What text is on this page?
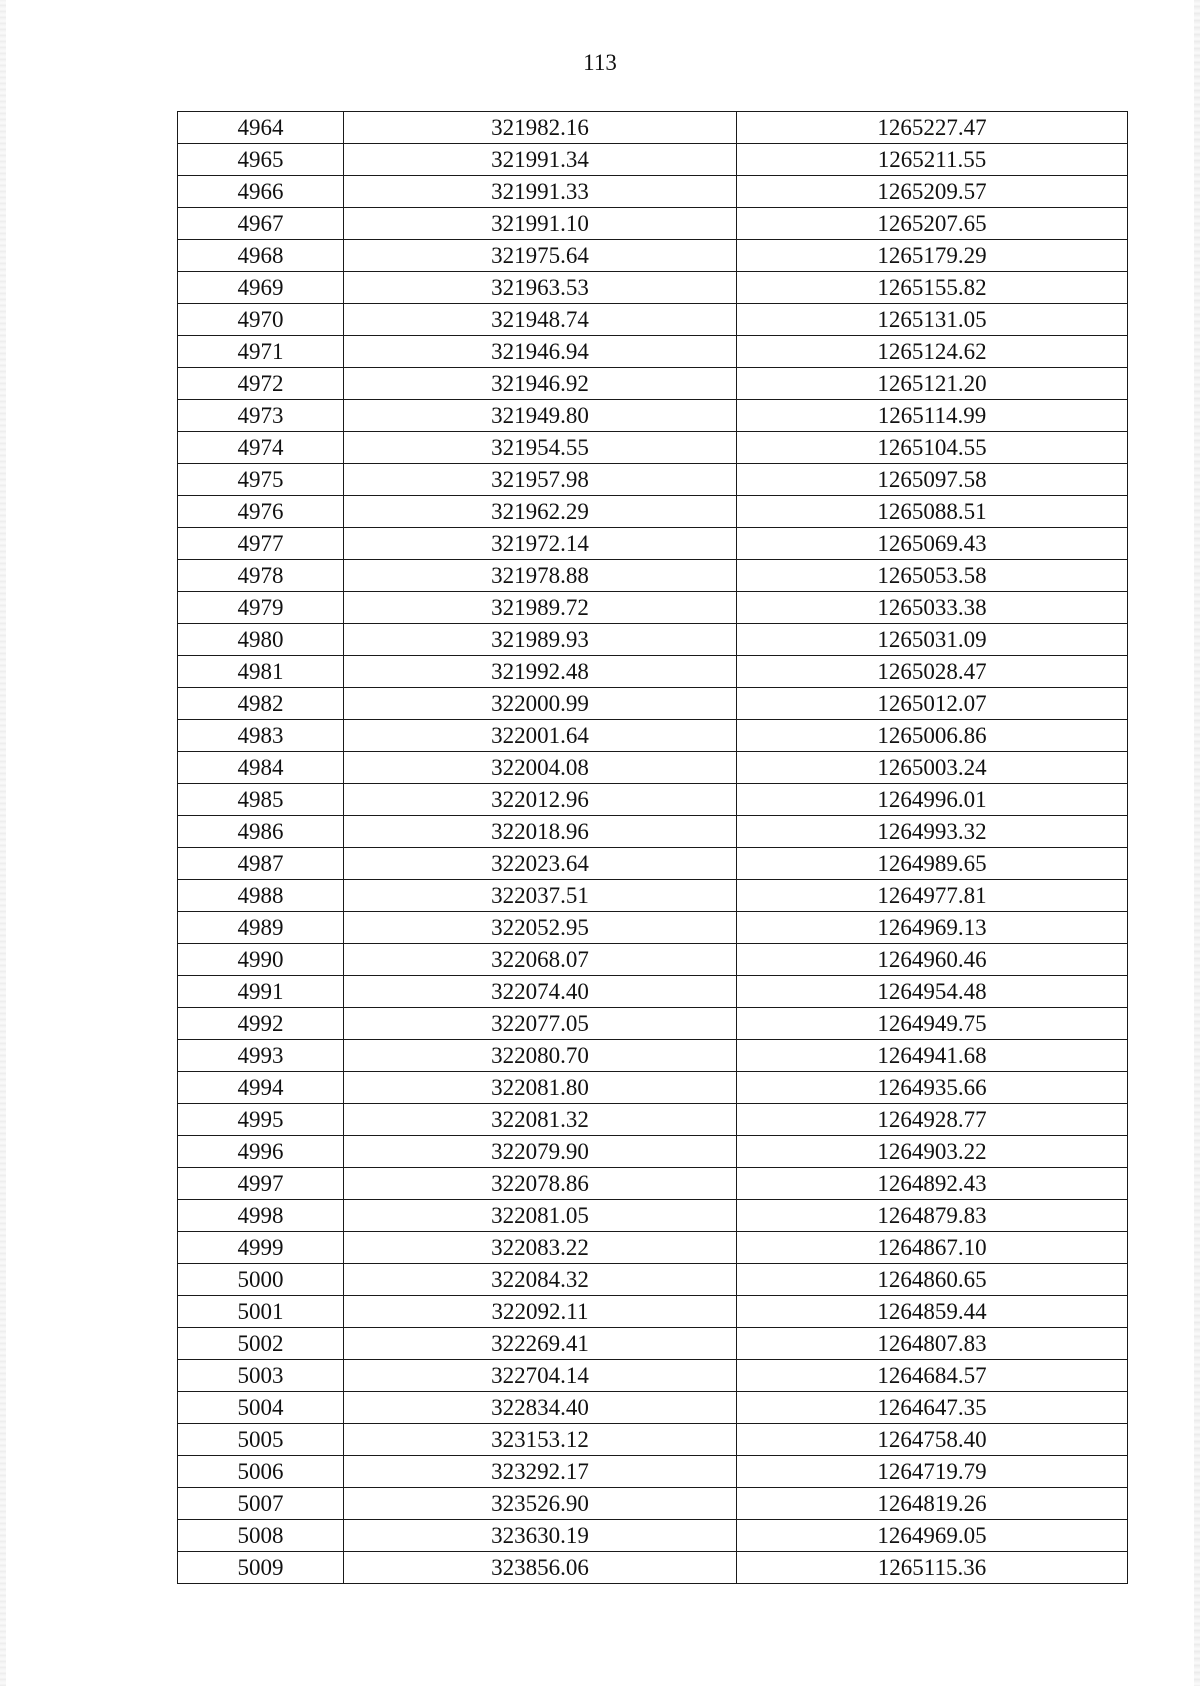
113
4964	321982.16	1265227.47
4965	321991.34	1265211.55
4966	321991.33	1265209.57
4967	321991.10	1265207.65
4968	321975.64	1265179.29
4969	321963.53	1265155.82
4970	321948.74	1265131.05
4971	321946.94	1265124.62
4972	321946.92	1265121.20
4973	321949.80	1265114.99
4974	321954.55	1265104.55
4975	321957.98	1265097.58
4976	321962.29	1265088.51
4977	321972.14	1265069.43
4978	321978.88	1265053.58
4979	321989.72	1265033.38
4980	321989.93	1265031.09
4981	321992.48	1265028.47
4982	322000.99	1265012.07
4983	322001.64	1265006.86
4984	322004.08	1265003.24
4985	322012.96	1264996.01
4986	322018.96	1264993.32
4987	322023.64	1264989.65
4988	322037.51	1264977.81
4989	322052.95	1264969.13
4990	322068.07	1264960.46
4991	322074.40	1264954.48
4992	322077.05	1264949.75
4993	322080.70	1264941.68
4994	322081.80	1264935.66
4995	322081.32	1264928.77
4996	322079.90	1264903.22
4997	322078.86	1264892.43
4998	322081.05	1264879.83
4999	322083.22	1264867.10
5000	322084.32	1264860.65
5001	322092.11	1264859.44
5002	322269.41	1264807.83
5003	322704.14	1264684.57
5004	322834.40	1264647.35
5005	323153.12	1264758.40
5006	323292.17	1264719.79
5007	323526.90	1264819.26
5008	323630.19	1264969.05
5009	323856.06	1265115.36
